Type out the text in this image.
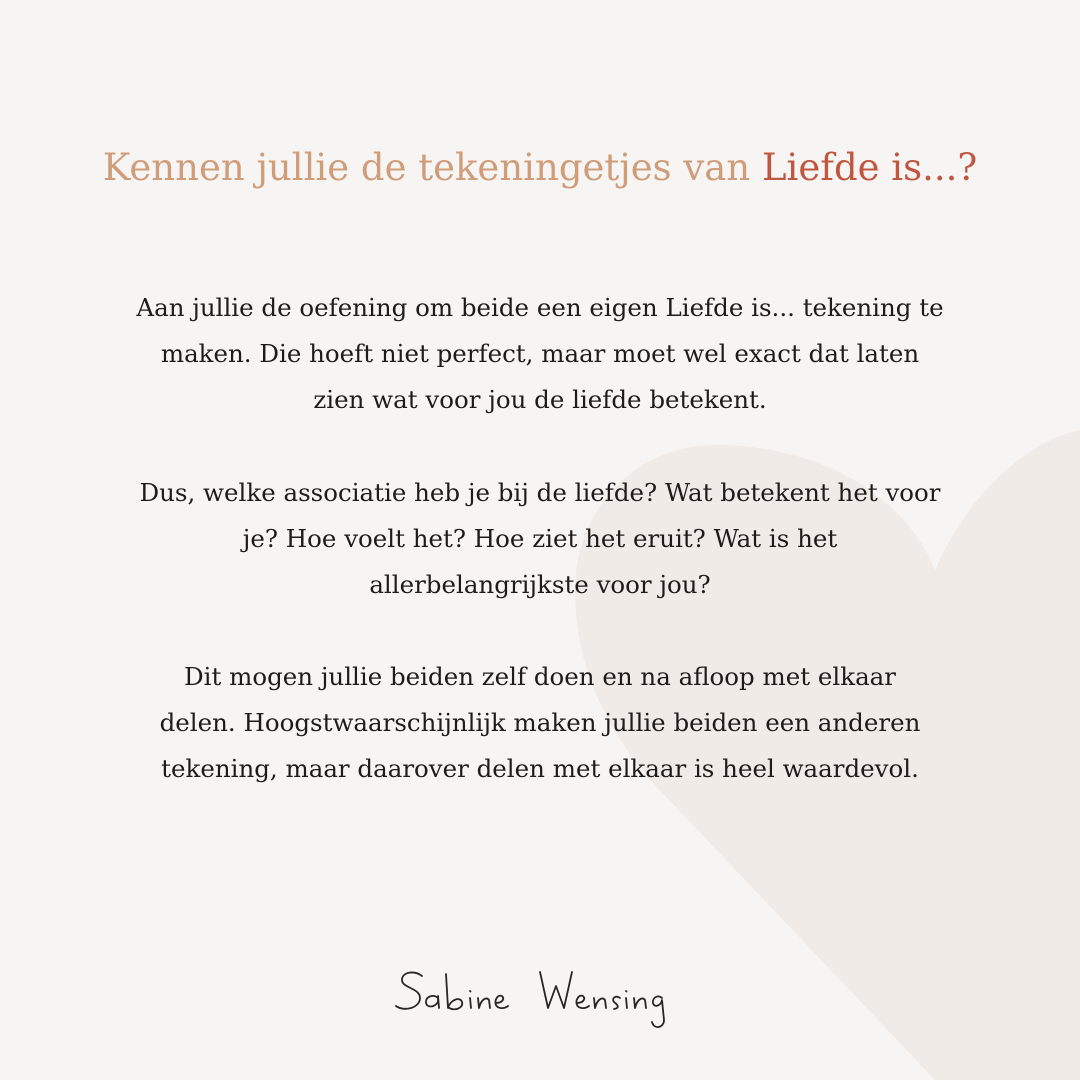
Kennen jullie de tekeningetjes van Liefde is...?
Aan jullie de oefening om beide een eigen Liefde is... tekening te
maken. Die hoeft niet perfect, maar moet wel exact dat laten
zien wat voor jou de liefde betekent.
Dus, welke associatie heb je bij de liefde? Wat betekent het voor
je? Hoe voelt het? Hoe ziet het eruit? Wat is het
allerbelangrijkste voor jou?
Dit mogen jullie beiden zelf doen en na afloop met elkaar
delen. Hoogstwaarschijnlijk maken jullie beiden een anderen
tekening, maar daarover delen met elkaar is heel waardevol.
